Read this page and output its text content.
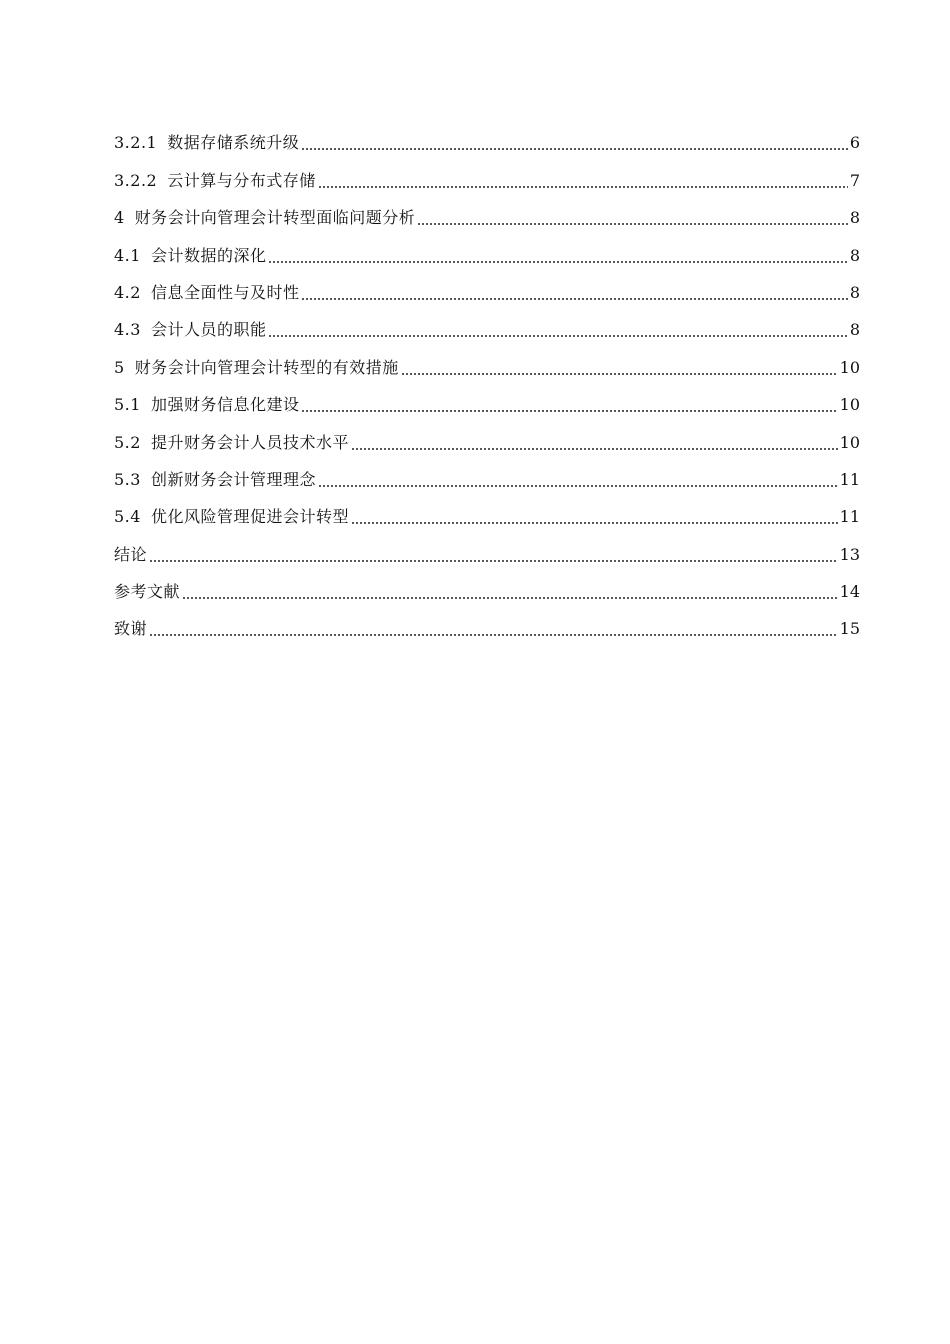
3.2.1 数据存储系统升级	6
3.2.2 云计算与分布式存储	7
4 财务会计向管理会计转型面临问题分析	8
4.1 会计数据的深化	8
4.2 信息全面性与及时性	8
4.3 会计人员的职能	8
5 财务会计向管理会计转型的有效措施	10
5.1 加强财务信息化建设	10
5.2 提升财务会计人员技术水平	10
5.3 创新财务会计管理理念	11
5.4 优化风险管理促进会计转型	11
结论	13
参考文献	14
致谢	15
